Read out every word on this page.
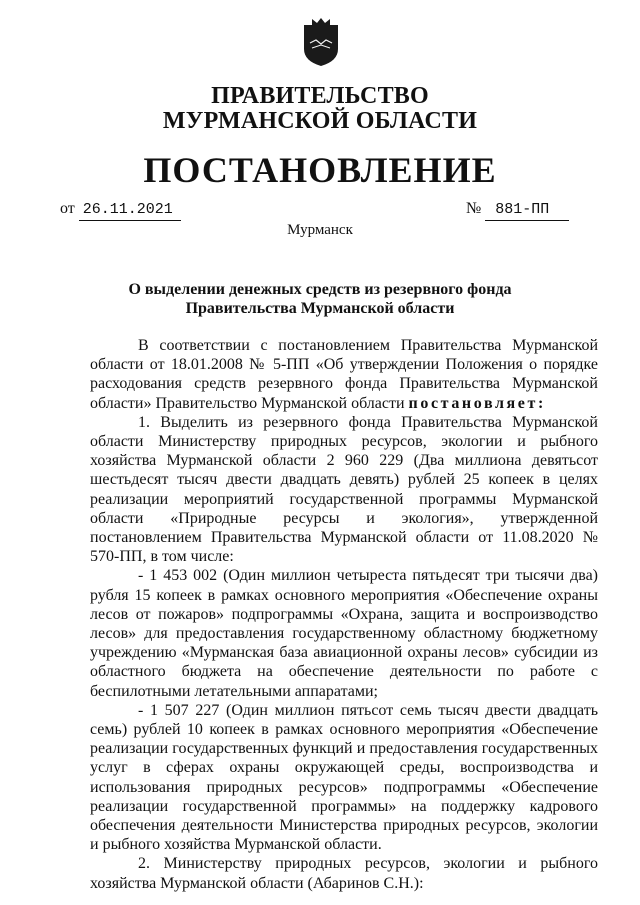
ПРАВИТЕЛЬСТВО
МУРМАНСКОЙ ОБЛАСТИ
ПОСТАНОВЛЕНИЕ
от 26.11.2021	№ 881-ПП
Мурманск
О выделении денежных средств из резервного фонда
Правительства Мурманской области

В соответствии с постановлением Правительства Мурманской области от 18.01.2008 № 5-ПП «Об утверждении Положения о порядке расходования средств резервного фонда Правительства Мурманской области» Правительство Мурманской области постановляет:

1. Выделить из резервного фонда Правительства Мурманской области Министерству природных ресурсов, экологии и рыбного хозяйства Мурманской области 2 960 229 (Два миллиона девятьсот шестьдесят тысяч двести двадцать девять) рублей 25 копеек в целях реализации мероприятий государственной программы Мурманской области «Природные ресурсы и экология», утвержденной постановлением Правительства Мурманской области от 11.08.2020 № 570-ПП, в том числе:

- 1 453 002 (Один миллион четыреста пятьдесят три тысячи два) рубля 15 копеек в рамках основного мероприятия «Обеспечение охраны лесов от пожаров» подпрограммы «Охрана, защита и воспроизводство лесов» для предоставления государственному областному бюджетному учреждению «Мурманская база авиационной охраны лесов» субсидии из областного бюджета на обеспечение деятельности по работе с беспилотными летательными аппаратами;

- 1 507 227 (Один миллион пятьсот семь тысяч двести двадцать семь) рублей 10 копеек в рамках основного мероприятия «Обеспечение реализации государственных функций и предоставления государственных услуг в сферах охраны окружающей среды, воспроизводства и использования природных ресурсов» подпрограммы «Обеспечение реализации государственной программы» на поддержку кадрового обеспечения деятельности Министерства природных ресурсов, экологии и рыбного хозяйства Мурманской области.

2. Министерству природных ресурсов, экологии и рыбного хозяйства Мурманской области (Абаринов С.Н.):
